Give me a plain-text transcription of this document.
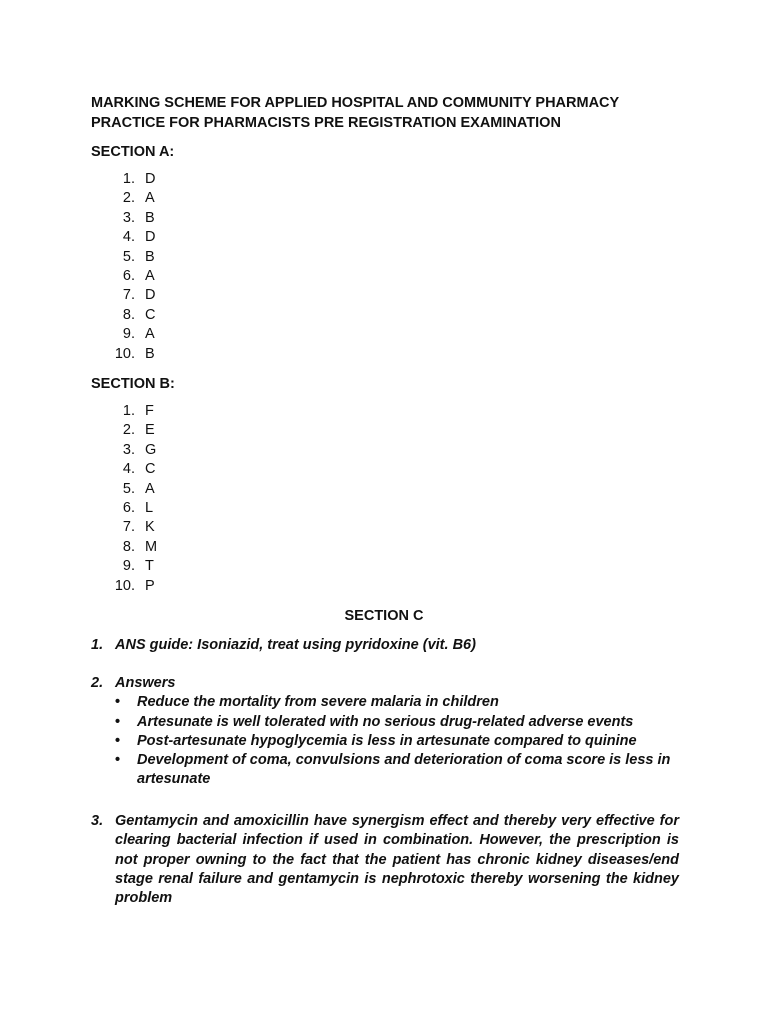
MARKING SCHEME FOR APPLIED HOSPITAL AND COMMUNITY PHARMACY
PRACTICE FOR PHARMACISTS PRE REGISTRATION EXAMINATION
SECTION A:
1. D
2. A
3. B
4. D
5. B
6. A
7. D
8. C
9. A
10. B
SECTION B:
1. F
2. E
3. G
4. C
5. A
6. L
7. K
8. M
9. T
10. P
SECTION C
1. ANS guide: Isoniazid, treat using pyridoxine (vit. B6)
2. Answers
• Reduce the mortality from severe malaria in children
• Artesunate is well tolerated with no serious drug-related adverse events
• Post-artesunate hypoglycemia is less in artesunate compared to quinine
• Development of coma, convulsions and deterioration of coma score is less in artesunate
3. Gentamycin and amoxicillin have synergism effect and thereby very effective for clearing bacterial infection if used in combination. However, the prescription is not proper owning to the fact that the patient has chronic kidney diseases/end stage renal failure and gentamycin is nephrotoxic thereby worsening the kidney problem
